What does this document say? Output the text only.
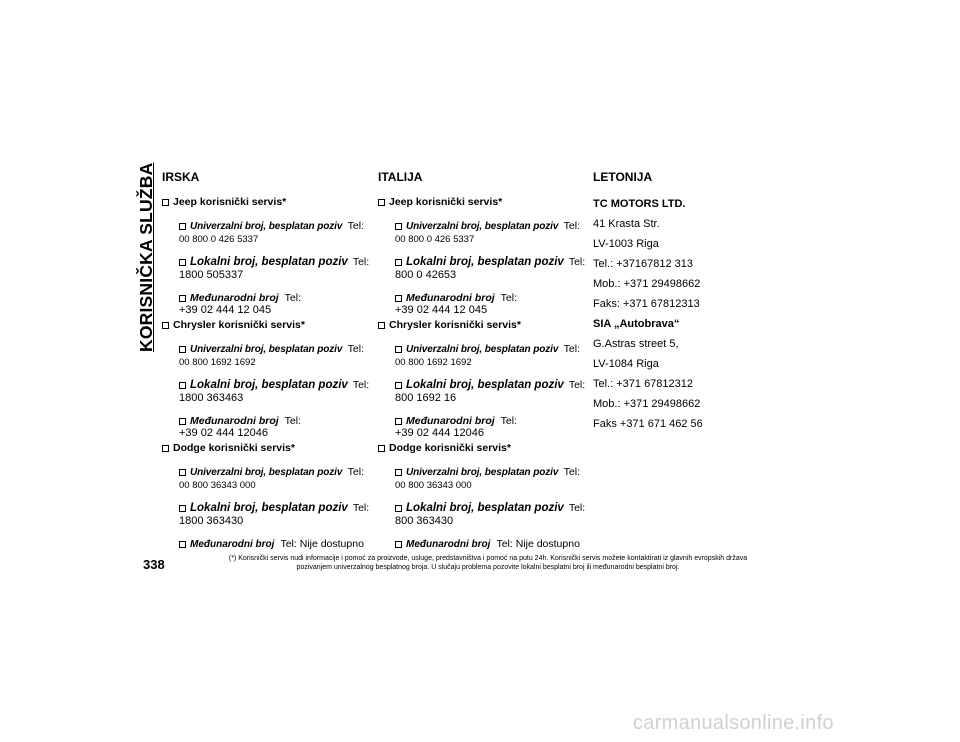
KORISNIČKA SLUŽBA IRSKA
Jeep korisnički servis*
Univerzalni broj, besplatan poziv Tel:
00 800 0 426 5337
Lokalni broj, besplatan poziv Tel:
1800 505337
Međunarodni broj Tel:
+39 02 444 12 045
Chrysler korisnički servis*
Univerzalni broj, besplatan poziv Tel:
00 800 1692 1692
Lokalni broj, besplatan poziv Tel:
1800 363463
Međunarodni broj Tel:
+39 02 444 12046
Dodge korisnički servis*
Univerzalni broj, besplatan poziv Tel:
00 800 36343 000
Lokalni broj, besplatan poziv Tel:
1800 363430
Međunarodni broj Tel: Nije dostupno
ITALIJA
Jeep korisnički servis*
Univerzalni broj, besplatan poziv Tel:
00 800 0 426 5337
Lokalni broj, besplatan poziv Tel:
800 0 42653
Međunarodni broj Tel:
+39 02 444 12 045
Chrysler korisnički servis*
Univerzalni broj, besplatan poziv Tel:
00 800 1692 1692
Lokalni broj, besplatan poziv Tel:
800 1692 16
Međunarodni broj Tel:
+39 02 444 12046
Dodge korisnički servis*
Univerzalni broj, besplatan poziv Tel:
00 800 36343 000
Lokalni broj, besplatan poziv Tel:
800 363430
Međunarodni broj Tel: Nije dostupno
LETONIJA
TC MOTORS LTD.
41 Krasta Str.
LV-1003 Riga
Tel.: +37167812 313
Mob.: +371 29498662
Faks: +371 67812313
SIA „Autobrava“
G.Astras street 5,
LV-1084 Riga
Tel.: +371 67812312
Mob.: +371 29498662
Faks +371 671 462 56
338	(*) Korisnički servis nudi informacije i pomoć za proizvode, usluge, predstavništva i pomoć na putu 24h. Korisnički servis možete kontaktirati iz glavnih evropskih država
pozivanjem univerzalnog besplatnog broja. U slučaju problema pozovite lokalni besplatni broj ili međunarodni besplatni broj.
carmanualsonline.info
